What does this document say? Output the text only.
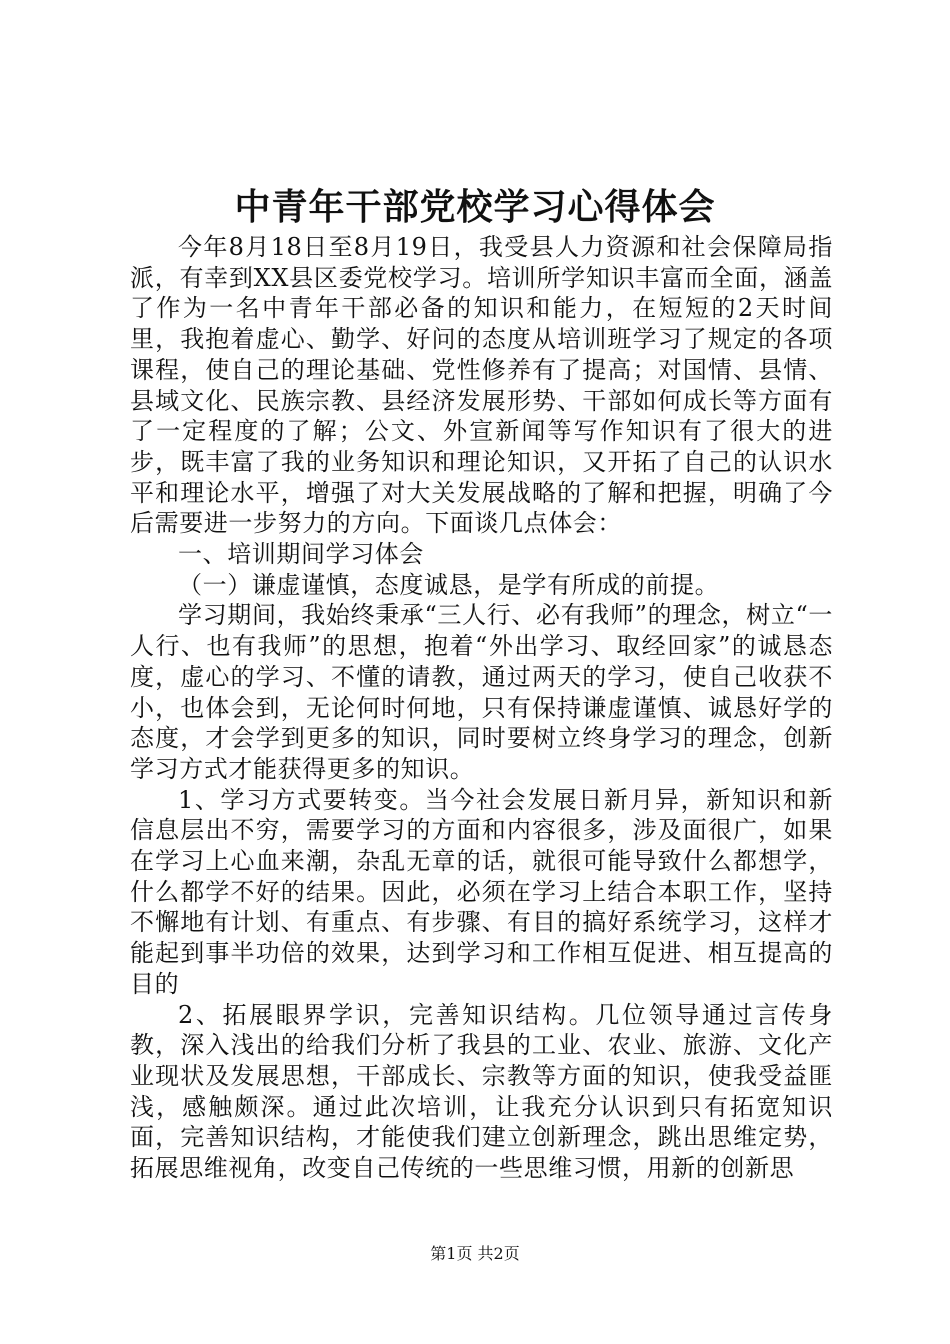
中青年干部党校学习心得体会

今年8月18日至8月19日，我受县人力资源和社会保障局指派，有幸到XX县区委党校学习。培训所学知识丰富而全面，涵盖了作为一名中青年干部必备的知识和能力，在短短的2天时间里，我抱着虚心、勤学、好问的态度从培训班学习了规定的各项课程，使自己的理论基础、党性修养有了提高；对国情、县情、县域文化、民族宗教、县经济发展形势、干部如何成长等方面有了一定程度的了解；公文、外宣新闻等写作知识有了很大的进步，既丰富了我的业务知识和理论知识，又开拓了自己的认识水平和理论水平，增强了对大关发展战略的了解和把握，明确了今后需要进一步努力的方向。下面谈几点体会：

一、培训期间学习体会

（一）谦虚谨慎，态度诚恳，是学有所成的前提。

学习期间，我始终秉承“三人行、必有我师”的理念，树立“一人行、也有我师”的思想，抱着“外出学习、取经回家”的诚恳态度，虚心的学习、不懂的请教，通过两天的学习，使自己收获不小，也体会到，无论何时何地，只有保持谦虚谨慎、诚恳好学的态度，才会学到更多的知识，同时要树立终身学习的理念，创新学习方式才能获得更多的知识。

1、学习方式要转变。当今社会发展日新月异，新知识和新信息层出不穷，需要学习的方面和内容很多，涉及面很广，如果在学习上心血来潮，杂乱无章的话，就很可能导致什么都想学，什么都学不好的结果。因此，必须在学习上结合本职工作，坚持不懈地有计划、有重点、有步骤、有目的搞好系统学习，这样才能起到事半功倍的效果，达到学习和工作相互促进、相互提高的目的

2、拓展眼界学识，完善知识结构。几位领导通过言传身教，深入浅出的给我们分析了我县的工业、农业、旅游、文化产业现状及发展思想，干部成长、宗教等方面的知识，使我受益匪浅，感触颇深。通过此次培训，让我充分认识到只有拓宽知识面，完善知识结构，才能使我们建立创新理念，跳出思维定势，拓展思维视角，改变自己传统的一些思维习惯，用新的创新思

第1页 共2页
